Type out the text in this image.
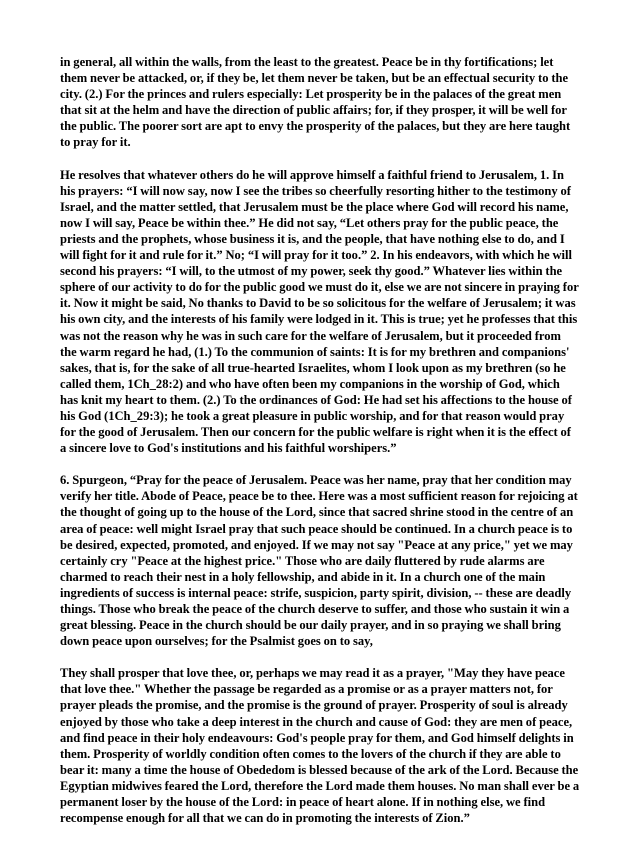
in general, all within the walls, from the least to the greatest. Peace be in thy fortifications; let them never be attacked, or, if they be, let them never be taken, but be an effectual security to the city. (2.) For the princes and rulers especially: Let prosperity be in the palaces of the great men that sit at the helm and have the direction of public affairs; for, if they prosper, it will be well for the public. The poorer sort are apt to envy the prosperity of the palaces, but they are here taught to pray for it.

He resolves that whatever others do he will approve himself a faithful friend to Jerusalem, 1. In his prayers: “I will now say, now I see the tribes so cheerfully resorting hither to the testimony of Israel, and the matter settled, that Jerusalem must be the place where God will record his name, now I will say, Peace be within thee.” He did not say, “Let others pray for the public peace, the priests and the prophets, whose business it is, and the people, that have nothing else to do, and I will fight for it and rule for it.” No; “I will pray for it too.” 2. In his endeavors, with which he will second his prayers: “I will, to the utmost of my power, seek thy good.” Whatever lies within the sphere of our activity to do for the public good we must do it, else we are not sincere in praying for it. Now it might be said, No thanks to David to be so solicitous for the welfare of Jerusalem; it was his own city, and the interests of his family were lodged in it. This is true; yet he professes that this was not the reason why he was in such care for the welfare of Jerusalem, but it proceeded from the warm regard he had, (1.) To the communion of saints: It is for my brethren and companions' sakes, that is, for the sake of all true-hearted Israelites, whom I look upon as my brethren (so he called them, 1Ch_28:2) and who have often been my companions in the worship of God, which has knit my heart to them. (2.) To the ordinances of God: He had set his affections to the house of his God (1Ch_29:3); he took a great pleasure in public worship, and for that reason would pray for the good of Jerusalem. Then our concern for the public welfare is right when it is the effect of a sincere love to God's institutions and his faithful worshipers.”

6. Spurgeon, “Pray for the peace of Jerusalem. Peace was her name, pray that her condition may verify her title. Abode of Peace, peace be to thee. Here was a most sufficient reason for rejoicing at the thought of going up to the house of the Lord, since that sacred shrine stood in the centre of an area of peace: well might Israel pray that such peace should be continued. In a church peace is to be desired, expected, promoted, and enjoyed. If we may not say "Peace at any price," yet we may certainly cry "Peace at the highest price." Those who are daily fluttered by rude alarms are charmed to reach their nest in a holy fellowship, and abide in it. In a church one of the main ingredients of success is internal peace: strife, suspicion, party spirit, division, -- these are deadly things. Those who break the peace of the church deserve to suffer, and those who sustain it win a great blessing. Peace in the church should be our daily prayer, and in so praying we shall bring down peace upon ourselves; for the Psalmist goes on to say,

They shall prosper that love thee, or, perhaps we may read it as a prayer, "May they have peace that love thee." Whether the passage be regarded as a promise or as a prayer matters not, for prayer pleads the promise, and the promise is the ground of prayer. Prosperity of soul is already enjoyed by those who take a deep interest in the church and cause of God: they are men of peace, and find peace in their holy endeavours: God's people pray for them, and God himself delights in them. Prosperity of worldly condition often comes to the lovers of the church if they are able to bear it: many a time the house of Obededom is blessed because of the ark of the Lord. Because the Egyptian midwives feared the Lord, therefore the Lord made them houses. No man shall ever be a permanent loser by the house of the Lord: in peace of heart alone. If in nothing else, we find recompense enough for all that we can do in promoting the interests of Zion.”
